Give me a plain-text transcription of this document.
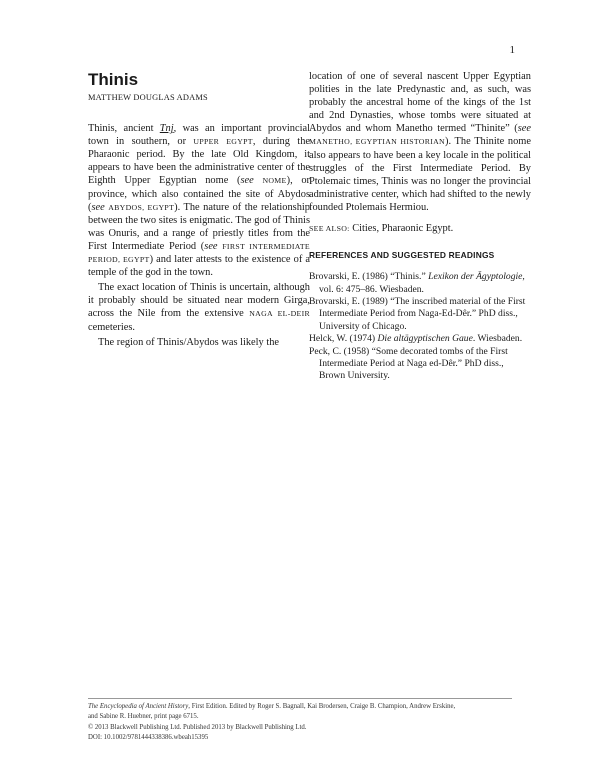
1
Thinis
MATTHEW DOUGLAS ADAMS

Thinis, ancient Tnj, was an important provincial town in southern, or UPPER EGYPT, during the Pharaonic period. By the late Old Kingdom, it appears to have been the administrative center of the Eighth Upper Egyptian nome (see NOME), or province, which also contained the site of Abydos (see ABYDOS, EGYPT). The nature of the relationship between the two sites is enigmatic. The god of Thinis was Onuris, and a range of priestly titles from the First Intermediate Period (see FIRST INTERMEDIATE PERIOD, EGYPT) and later attests to the existence of a temple of the god in the town.

The exact location of Thinis is uncertain, although it probably should be situated near modern Girga, across the Nile from the extensive NAGA EL-DEIR cemeteries.

The region of Thinis/Abydos was likely the

location of one of several nascent Upper Egyptian polities in the late Predynastic and, as such, was probably the ancestral home of the kings of the 1st and 2nd Dynasties, whose tombs were situated at Abydos and whom Manetho termed “Thinite” (see MANETHO, EGYPTIAN HISTORIAN). The Thinite nome also appears to have been a key locale in the political struggles of the First Intermediate Period. By Ptolemaic times, Thinis was no longer the provincial administrative center, which had shifted to the newly founded Ptolemais Hermiou.

SEE ALSO: Cities, Pharaonic Egypt.

REFERENCES AND SUGGESTED READINGS
Brovarski, E. (1986) “Thinis.” Lexikon der Ägyptologie, vol. 6: 475–86. Wiesbaden.
Brovarski, E. (1989) “The inscribed material of the First Intermediate Period from Naga-Ed-Dêr.” PhD diss., University of Chicago.
Helck, W. (1974) Die altägyptischen Gaue. Wiesbaden.
Peck, C. (1958) “Some decorated tombs of the First Intermediate Period at Naga ed-Dêr.” PhD diss., Brown University.
The Encyclopedia of Ancient History, First Edition. Edited by Roger S. Bagnall, Kai Brodersen, Craige B. Champion, Andrew Erskine,
and Sabine R. Huebner, print page 6715.
© 2013 Blackwell Publishing Ltd. Published 2013 by Blackwell Publishing Ltd.
DOI: 10.1002/9781444338386.wbeah15395
